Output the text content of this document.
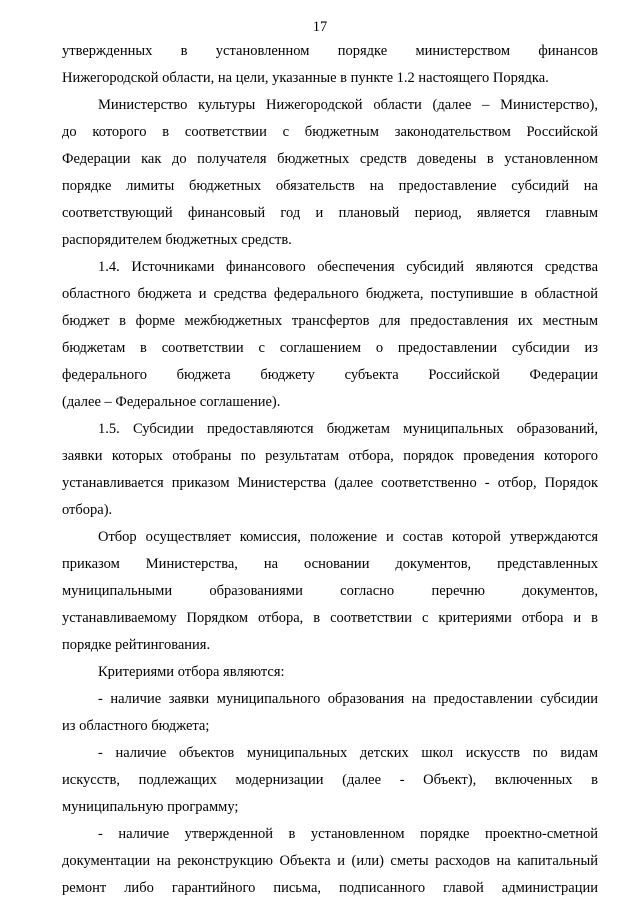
17
утвержденных в установленном порядке министерством финансов
Нижегородской области, на цели, указанные в пункте 1.2 настоящего Порядка.
Министерство культуры Нижегородской области (далее – Министерство),
до которого в соответствии с бюджетным законодательством Российской
Федерации как до получателя бюджетных средств доведены в установленном
порядке лимиты бюджетных обязательств на предоставление субсидий на
соответствующий финансовый год и плановый период, является главным
распорядителем бюджетных средств.
1.4. Источниками финансового обеспечения субсидий являются средства
областного бюджета и средства федерального бюджета, поступившие в областной
бюджет в форме межбюджетных трансфертов для предоставления их местным
бюджетам в соответствии с соглашением о предоставлении субсидии из
федерального бюджета бюджету субъекта Российской Федерации
(далее – Федеральное соглашение).
1.5. Субсидии предоставляются бюджетам муниципальных образований,
заявки которых отобраны по результатам отбора, порядок проведения которого
устанавливается приказом Министерства (далее соответственно - отбор, Порядок
отбора).
Отбор осуществляет комиссия, положение и состав которой утверждаются
приказом Министерства, на основании документов, представленных
муниципальными образованиями согласно перечню документов,
устанавливаемому Порядком отбора, в соответствии с критериями отбора и в
порядке рейтингования.
Критериями отбора являются:
- наличие заявки муниципального образования на предоставлении субсидии
из областного бюджета;
- наличие объектов муниципальных детских школ искусств по видам
искусств, подлежащих модернизации (далее - Объект), включенных в
муниципальную программу;
- наличие утвержденной в установленном порядке проектно-сметной
документации на реконструкцию Объекта и (или) сметы расходов на капитальный
ремонт либо гарантийного письма, подписанного главой администрации
